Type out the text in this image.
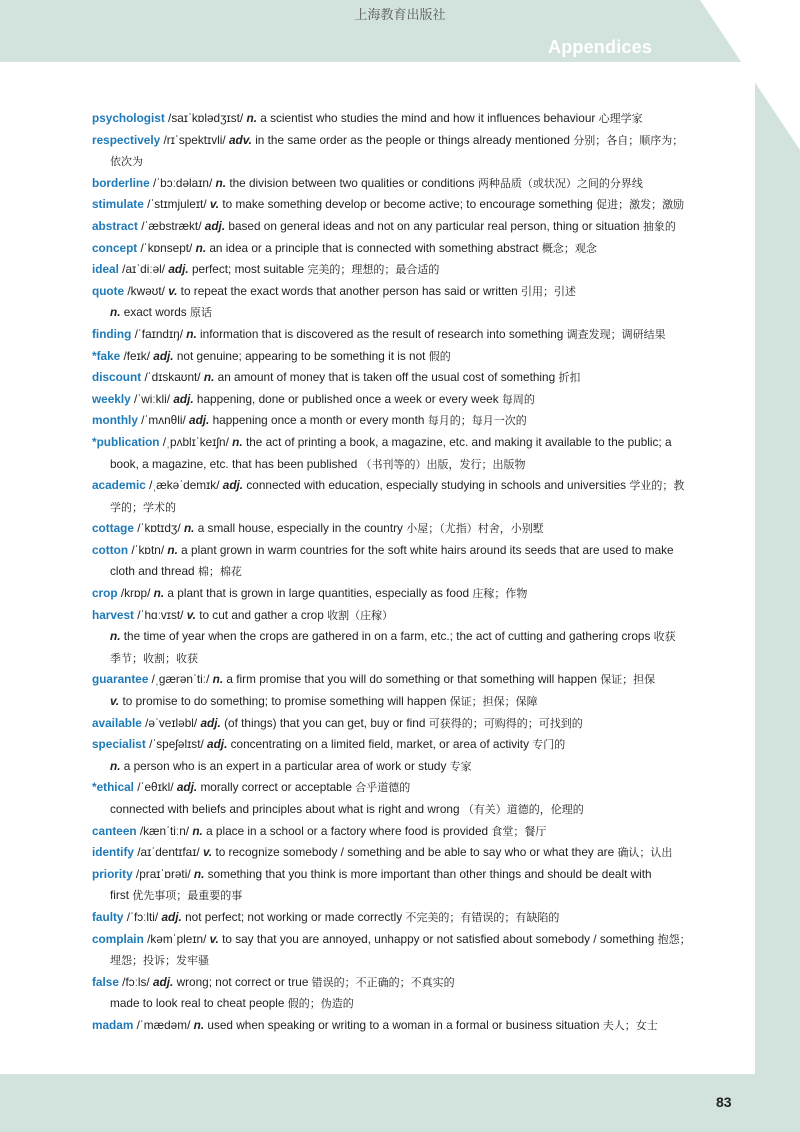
上海教育出版社
Appendices
psychologist /saɪˈkɒlədʒɪst/ n. a scientist who studies the mind and how it influences behaviour 心理学家
respectively /rɪˈspektɪvli/ adv. in the same order as the people or things already mentioned 分别；各自；顺序为；
依次为
borderline /ˈbɔːdəlaɪn/ n. the division between two qualities or conditions 两种品质（或状况）之间的分界线
stimulate /ˈstɪmjuleɪt/ v. to make something develop or become active; to encourage something 促进；激发；激励
abstract /ˈæbstrækt/ adj. based on general ideas and not on any particular real person, thing or situation 抽象的
concept /ˈkɒnsept/ n. an idea or a principle that is connected with something abstract 概念；观念
ideal /aɪˈdiːəl/ adj. perfect; most suitable 完美的；理想的；最合适的
quote /kwəʊt/ v. to repeat the exact words that another person has said or written 引用；引述
n. exact words 原话
finding /ˈfaɪndɪŋ/ n. information that is discovered as the result of research into something 调查发现；调研结果
*fake /feɪk/ adj. not genuine; appearing to be something it is not 假的
discount /ˈdɪskaʊnt/ n. an amount of money that is taken off the usual cost of something 折扣
weekly /ˈwiːkli/ adj. happening, done or published once a week or every week 每周的
monthly /ˈmʌnθli/ adj. happening once a month or every month 每月的；每月一次的
*publication /ˌpʌblɪˈkeɪʃn/ n. the act of printing a book, a magazine, etc. and making it available to the public; a
book, a magazine, etc. that has been published （书刊等的）出版，发行；出版物
academic /ˌækəˈdemɪk/ adj. connected with education, especially studying in schools and universities 学业的；教
学的；学术的
cottage /ˈkɒtɪdʒ/ n. a small house, especially in the country 小屋；（尤指）村舍，小别墅
cotton /ˈkɒtn/ n. a plant grown in warm countries for the soft white hairs around its seeds that are used to make
cloth and thread 棉；棉花
crop /krɒp/ n. a plant that is grown in large quantities, especially as food 庄稼；作物
harvest /ˈhɑːvɪst/ v. to cut and gather a crop 收割（庄稼）
n. the time of year when the crops are gathered in on a farm, etc.; the act of cutting and gathering crops 收获
季节；收割；收获
guarantee /ˌɡærənˈtiː/ n. a firm promise that you will do something or that something will happen 保证；担保
v. to promise to do something; to promise something will happen 保证；担保；保障
available /əˈveɪləbl/ adj. (of things) that you can get, buy or find 可获得的；可购得的；可找到的
specialist /ˈspeʃəlɪst/ adj. concentrating on a limited field, market, or area of activity 专门的
n. a person who is an expert in a particular area of work or study 专家
*ethical /ˈeθɪkl/ adj. morally correct or acceptable 合乎道德的
connected with beliefs and principles about what is right and wrong （有关）道德的，伦理的
canteen /kænˈtiːn/ n. a place in a school or a factory where food is provided 食堂；餐厅
identify /aɪˈdentɪfaɪ/ v. to recognize somebody / something and be able to say who or what they are 确认；认出
priority /praɪˈɒrəti/ n. something that you think is more important than other things and should be dealt with
first 优先事项；最重要的事
faulty /ˈfɔːlti/ adj. not perfect; not working or made correctly 不完美的；有错误的；有缺陷的
complain /kəmˈpleɪn/ v. to say that you are annoyed, unhappy or not satisfied about somebody / something 抱怨；
埋怨；投诉；发牢骚
false /fɔːls/ adj. wrong; not correct or true 错误的；不正确的；不真实的
made to look real to cheat people 假的；伪造的
madam /ˈmædəm/ n. used when speaking or writing to a woman in a formal or business situation 夫人；女士
83
